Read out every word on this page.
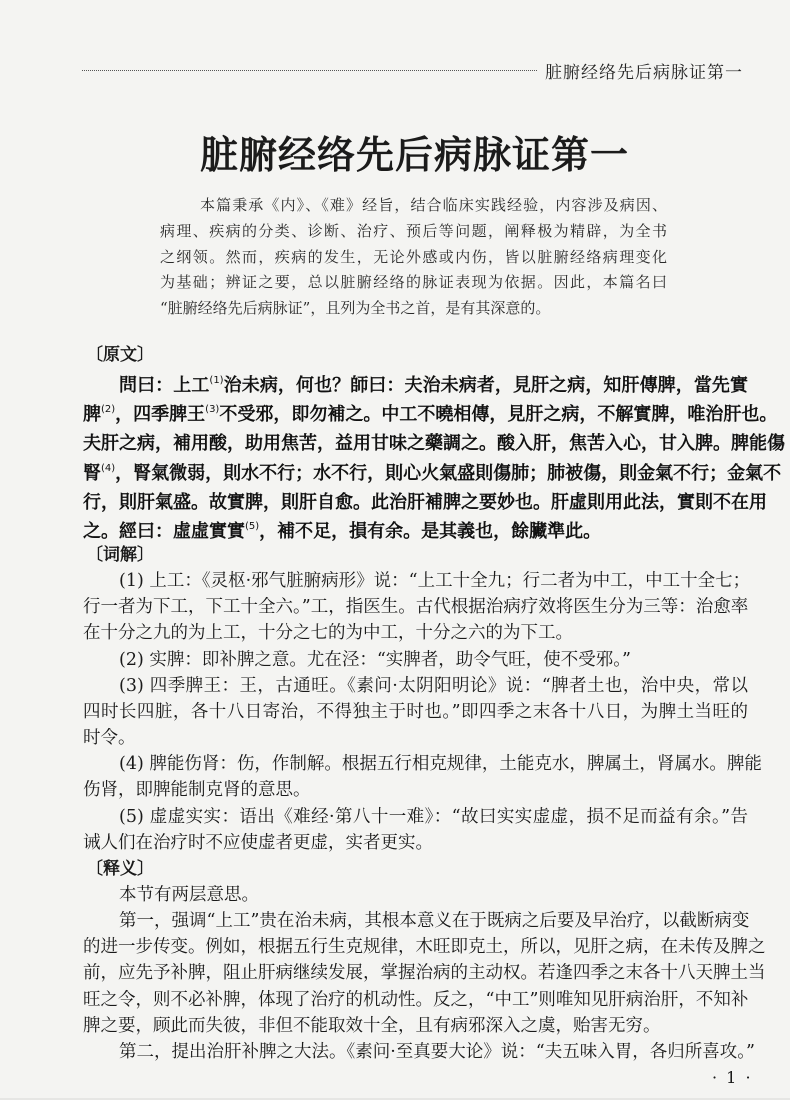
脏腑经络先后病脉证第一
脏腑经络先后病脉证第一
本篇秉承《内》、《难》经旨，结合临床实践经验，内容涉及病因、
病理、疾病的分类、诊断、治疗、预后等问题，阐释极为精辟，为全书
之纲领。然而，疾病的发生，无论外感或内伤，皆以脏腑经络病理变化
为基础；辨证之要，总以脏腑经络的脉证表现为依据。因此，本篇名曰
“脏腑经络先后病脉证”，且列为全书之首，是有其深意的。
〔原文〕
問曰：上工$^{(1)}$治未病，何也？師曰：夫治未病者，見肝之病，知肝傳脾，當先實
脾$^{(2)}$，四季脾王$^{(3)}$不受邪，即勿補之。中工不曉相傳，見肝之病，不解實脾，唯治肝也。
夫肝之病，補用酸，助用焦苦，益用甘味之藥調之。酸入肝，焦苦入心，甘入脾。脾能傷
腎$^{(4)}$，腎氣微弱，則水不行；水不行，則心火氣盛則傷肺；肺被傷，則金氣不行；金氣不
行，則肝氣盛。故實脾，則肝自愈。此治肝補脾之要妙也。肝虛則用此法，實則不在用
之。經曰：虛虛實實$^{(5)}$，補不足，損有余。是其義也，餘臟準此。
〔词解〕
(1) 上工：《灵枢·邪气脏腑病形》说：“上工十全九；行二者为中工，中工十全七；
行一者为下工，下工十全六。”工，指医生。古代根据治病疗效将医生分为三等：治愈率
在十分之九的为上工，十分之七的为中工，十分之六的为下工。
(2) 实脾：即补脾之意。尤在泾：“实脾者，助令气旺，使不受邪。”
(3) 四季脾王：王，古通旺。《素问·太阴阳明论》说：“脾者土也，治中央，常以
四时长四脏，各十八日寄治，不得独主于时也。”即四季之末各十八日，为脾土当旺的
时令。
(4) 脾能伤肾：伤，作制解。根据五行相克规律，土能克水，脾属土，肾属水。脾能
伤肾，即脾能制克肾的意思。
(5) 虚虚实实：语出《难经·第八十一难》：“故曰实实虚虚，损不足而益有余。”告
诫人们在治疗时不应使虚者更虚，实者更实。
〔释义〕
本节有两层意思。
第一，强调“上工”贵在治未病，其根本意义在于既病之后要及早治疗，以截断病变
的进一步传变。例如，根据五行生克规律，木旺即克土，所以，见肝之病，在未传及脾之
前，应先予补脾，阻止肝病继续发展，掌握治病的主动权。若逢四季之末各十八天脾土当
旺之令，则不必补脾，体现了治疗的机动性。反之，“中工”则唯知见肝病治肝，不知补
脾之要，顾此而失彼，非但不能取效十全，且有病邪深入之虞，贻害无穷。
第二，提出治肝补脾之大法。《素问·至真要大论》说：“夫五味入胃，各归所喜攻。”
· 1 ·
